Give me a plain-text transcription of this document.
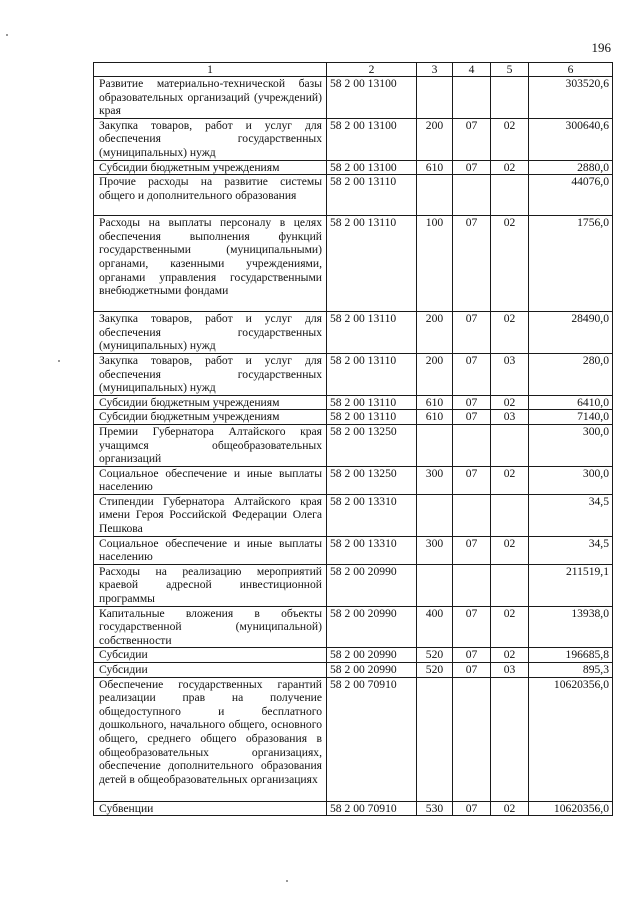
196
1	2	3	4	5	6
Развитие материально-технической базы образовательных организаций (учреждений) края	58 2 00 13100				303520,6
Закупка товаров, работ и услуг для обеспечения государственных (муниципальных) нужд	58 2 00 13100	200	07	02	300640,6
Субсидии бюджетным учреждениям	58 2 00 13100	610	07	02	2880,0
Прочие расходы на развитие системы общего и дополнительного образования	58 2 00 13110				44076,0
Расходы на выплаты персоналу в целях обеспечения выполнения функций государственными (муниципальными) органами, казенными учреждениями, органами управления государственными внебюджетными фондами	58 2 00 13110	100	07	02	1756,0
Закупка товаров, работ и услуг для обеспечения государственных (муниципальных) нужд	58 2 00 13110	200	07	02	28490,0
Закупка товаров, работ и услуг для обеспечения государственных (муниципальных) нужд	58 2 00 13110	200	07	03	280,0
Субсидии бюджетным учреждениям	58 2 00 13110	610	07	02	6410,0
Субсидии бюджетным учреждениям	58 2 00 13110	610	07	03	7140,0
Премии Губернатора Алтайского края учащимся общеобразовательных организаций	58 2 00 13250				300,0
Социальное обеспечение и иные выплаты населению	58 2 00 13250	300	07	02	300,0
Стипендии Губернатора Алтайского края имени Героя Российской Федерации Олега Пешкова	58 2 00 13310				34,5
Социальное обеспечение и иные выплаты населению	58 2 00 13310	300	07	02	34,5
Расходы на реализацию мероприятий краевой адресной инвестиционной программы	58 2 00 20990				211519,1
Капитальные вложения в объекты государственной (муниципальной) собственности	58 2 00 20990	400	07	02	13938,0
Субсидии	58 2 00 20990	520	07	02	196685,8
Субсидии	58 2 00 20990	520	07	03	895,3
Обеспечение государственных гарантий реализации прав на получение общедоступного и бесплатного дошкольного, начального общего, основного общего, среднего общего образования в общеобразовательных организациях, обеспечение дополнительного образования детей в общеобразовательных организациях	58 2 00 70910				10620356,0
Субвенции	58 2 00 70910	530	07	02	10620356,0
